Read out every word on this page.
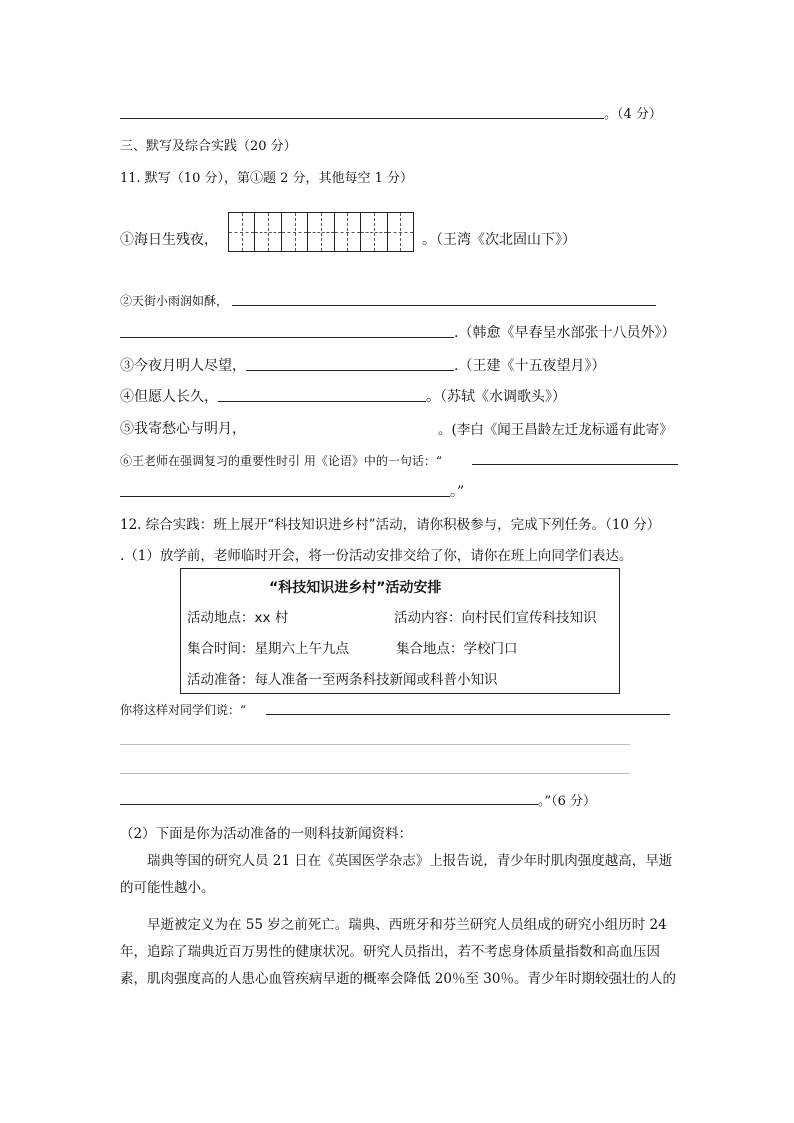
。（4 分）
三、默写及综合实践（20 分）
11. 默写（10 分），第①题 2 分，其他每空 1 分）
①海日生残夜，	。（王湾《次北固山下》）
②天街小雨润如酥，
.（韩愈《早春呈水部张十八员外》）
③今夜月明人尽望，	.（王建《十五夜望月》）
④但愿人长久，	。（苏轼《水调歌头》）
⑤我寄愁心与明月，	。(李白《闻王昌龄左迁龙标遥有此寄》
⑥王老师在强调复习的重要性时引 用《论语》中的一句话：“
。”
12. 综合实践：班上展开“科技知识进乡村”活动，请你积极参与，完成下列任务。（10 分）
.（1）放学前，老师临时开会，将一份活动安排交给了你，请你在班上向同学们表达。
“科技知识进乡村”活动安排
活动地点：xx 村	活动内容：向村民们宣传科技知识
集合时间：星期六上午九点	集合地点：学校门口
活动准备：每人准备一至两条科技新闻或科普小知识
你将这样对同学们说：“
。”（6 分）
（2）下面是你为活动准备的一则科技新闻资料：
瑞典等国的研究人员 21 日在《英国医学杂志》上报告说，青少年时肌肉强度越高，早逝的可能性越小。
早逝被定义为在 55 岁之前死亡。瑞典、西班牙和芬兰研究人员组成的研究小组历时 24 年，追踪了瑞典近百万男性的健康状况。研究人员指出，若不考虑身体质量指数和高血压因　素，肌肉强度高的人患心血管疾病早逝的概率会降低 20％至 30％。青少年时期较强壮的人的
